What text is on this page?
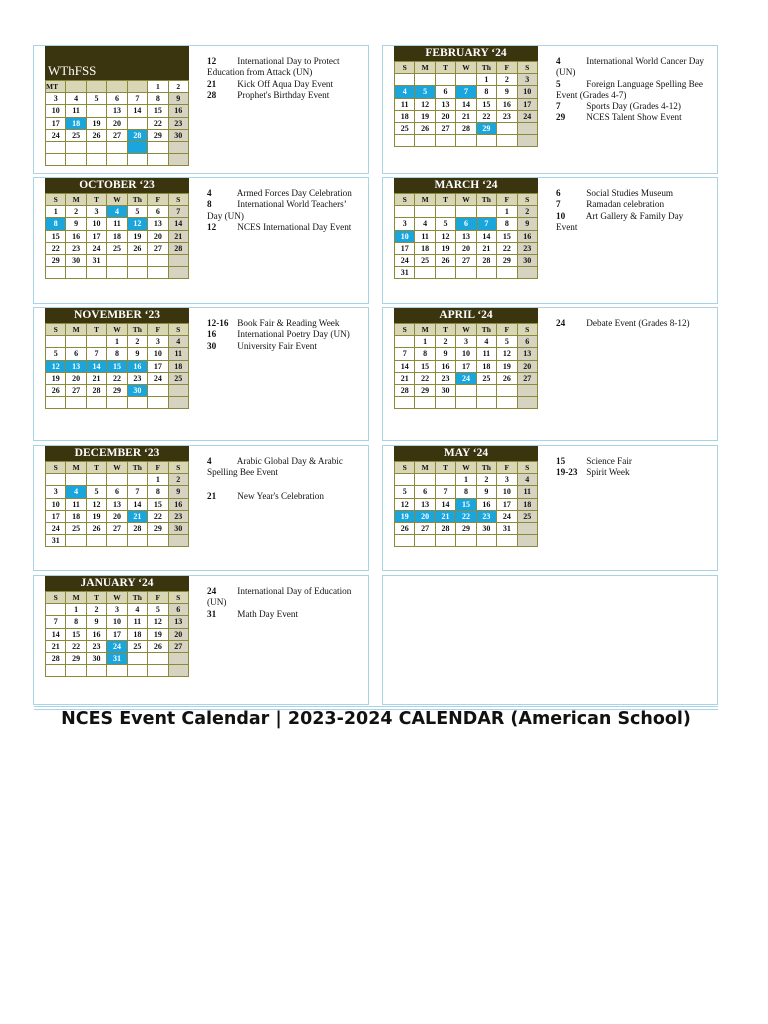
WThFSS
MT					1	2
3	4	5	6	7	8	9
10	11		13	14	15	16
17	18	19	20		22	23
24	25	26	27	28	29	30

12 International Day to Protect Education from Attack (UN)

21 Kick Off Aqua Day Event

28 Prophet's Birthday Event

OCTOBER ‘23
S	M	T	W	Th	F	S
1	2	3	4	5	6	7
8	9	10	11	12	13	14
15	16	17	18	19	20	21
22	23	24	25	26	27	28
29	30	31				

4	Armed Forces Day Celebration

8	International World Teachers’ Day (UN)

12 NCES International Day Event

NOVEMBER ‘23
S	M	T	W	Th	F	S
			1	2	3	4
5	6	7	8	9	10	11
12	13	14	15	16	17	18
19	20	21	22	23	24	25
26	27	28	29	30		

12-16 Book Fair & Reading Week

16 International Poetry Day (UN)

30 University Fair Event

DECEMBER ‘23
S	M	T	W	Th	F	S
					1	2
3	4	5	6	7	8	9
10	11	12	13	14	15	16
17	18	19	20	21	22	23
24	25	26	27	28	29	30
31						

4	Arabic Global Day & Arabic Spelling Bee Event

21 New Year's Celebration

JANUARY ‘24
S	M	T	W	Th	F	S
	1	2	3	4	5	6
7	8	9	10	11	12	13
14	15	16	17	18	19	20
21	22	23	24	25	26	27
28	29	30	31			

24 International Day of Education (UN)

31 Math Day Event

FEBRUARY ‘24
S	M	T	W	Th	F	S
				1	2	3
4	5	6	7	8	9	10
11	12	13	14	15	16	17
18	19	20	21	22	23	24
25	26	27	28	29		

4	International World Cancer Day (UN)

5	Foreign Language Spelling Bee Event (Grades 4-7)

7	Sports Day (Grades 4-12)

29 NCES Talent Show Event

MARCH ‘24
S	M	T	W	Th	F	S
					1	2
3	4	5	6	7	8	9
10	11	12	13	14	15	16
17	18	19	20	21	22	23
24	25	26	27	28	29	30
31						

6	Social Studies Museum

7	Ramadan celebration

10 Art Gallery & Family Day Event

APRIL ‘24
S	M	T	W	Th	F	S
	1	2	3	4	5	6
7	8	9	10	11	12	13
14	15	16	17	18	19	20
21	22	23	24	25	26	27
28	29	30				

24 Debate Event (Grades 8-12)

MAY ‘24
S	M	T	W	Th	F	S
			1	2	3	4
5	6	7	8	9	10	11
12	13	14	15	16	17	18
19	20	21	22	23	24	25
26	27	28	29	30	31	

15 Science Fair

19-23 Spirit Week

NCES Event Calendar | 2023-2024 CALENDAR (American School)
